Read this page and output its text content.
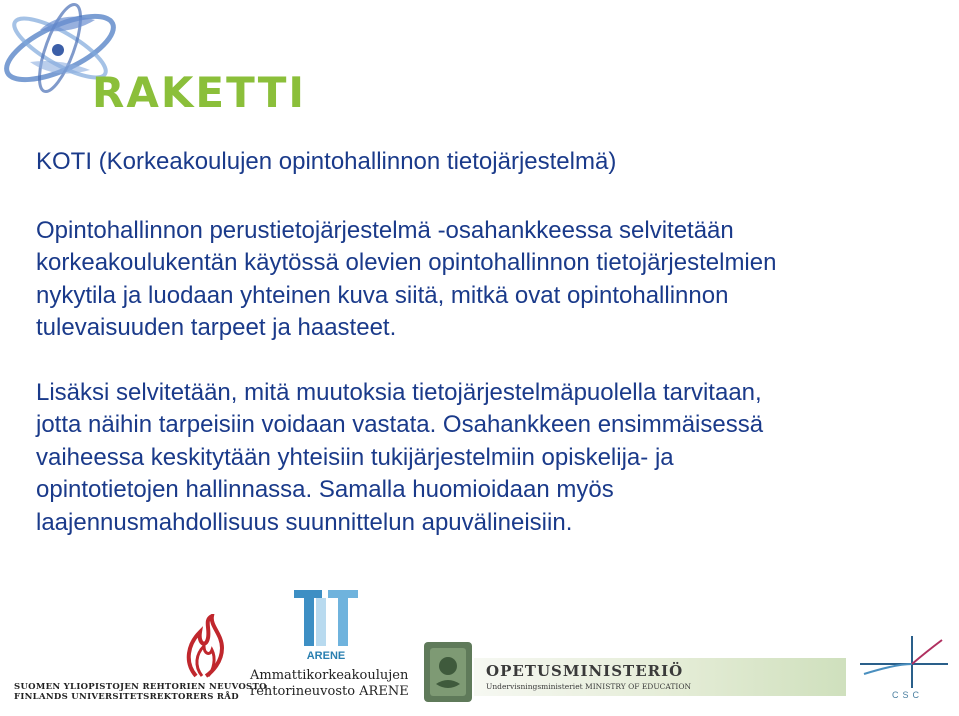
RAKETTI

KOTI (Korkeakoulujen opintohallinnon tietojärjestelmä)

Opintohallinnon perustietojärjestelmä -osahankkeessa selvitetään
korkeakoulukentän käytössä olevien opintohallinnon tietojärjestelmien
nykytila ja luodaan yhteinen kuva siitä, mitkä ovat opintohallinnon
tulevaisuuden tarpeet ja haasteet.
Lisäksi selvitetään, mitä muutoksia tietojärjestelmäpuolella tarvitaan,
jotta näihin tarpeisiin voidaan vastata. Osahankkeen ensimmäisessä
vaiheessa keskitytään yhteisiin tukijärjestelmiin opiskelija- ja
opintotietojen hallinnassa. Samalla huomioidaan myös
laajennusmahdollisuus suunnittelun apuvälineisiin.
SUOMEN YLIOPISTOJEN REHTORIEN NEUVOSTO
FINLANDS UNIVERSITETSREKTORERS RÅD
ARENE
Ammattikorkeakoulujen
rehtorineuvosto ARENE
OPETUSMINISTERIÖ
Undervisningsministeriet MINISTRY OF EDUCATION
CSC
